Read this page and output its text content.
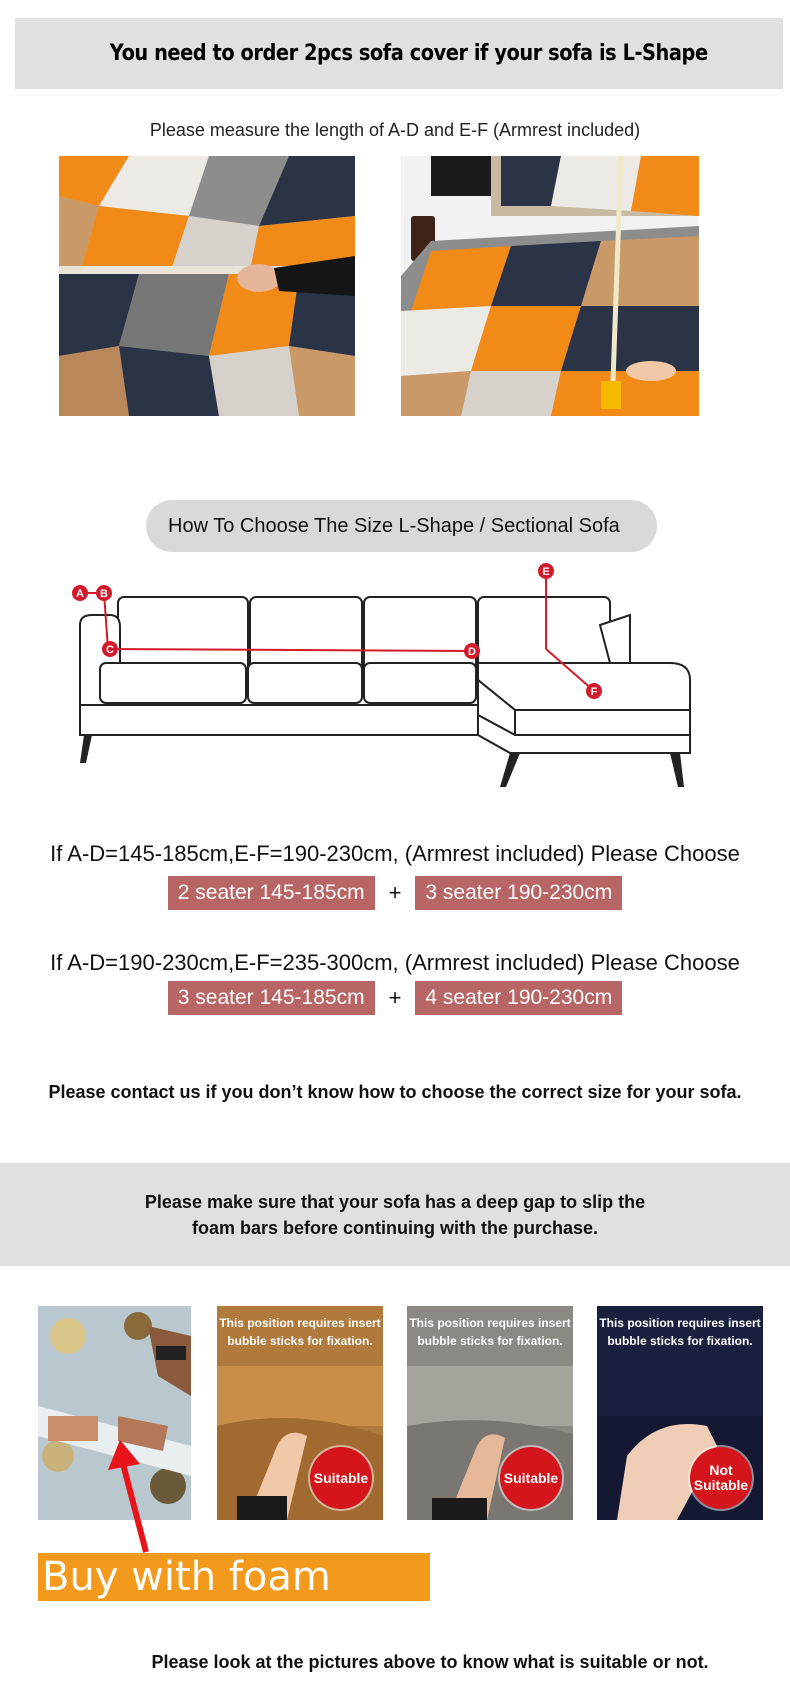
You need to order 2pcs sofa cover if your sofa is L-Shape
Please measure the length of A-D and E-F (Armrest included)
How To Choose The Size L-Shape / Sectional Sofa
A B
C	D
E
F
If A-D=145-185cm,E-F=190-230cm, (Armrest included) Please Choose
2 seater 145-185cm	+	3 seater 190-230cm
If A-D=190-230cm,E-F=235-300cm, (Armrest included) Please Choose
3 seater 145-185cm	+	4 seater 190-230cm
Please contact us if you don’t know how to choose the correct size for your sofa.
Please make sure that your sofa has a deep gap to slip the
foam bars before continuing with the purchase.
This position requires insert bubble sticks for fixation.
Suitable
This position requires insert bubble sticks for fixation.
Suitable
This position requires insert bubble sticks for fixation.
Not
Suitable
Buy with foam strips
Please look at the pictures above to know what is suitable or not.
